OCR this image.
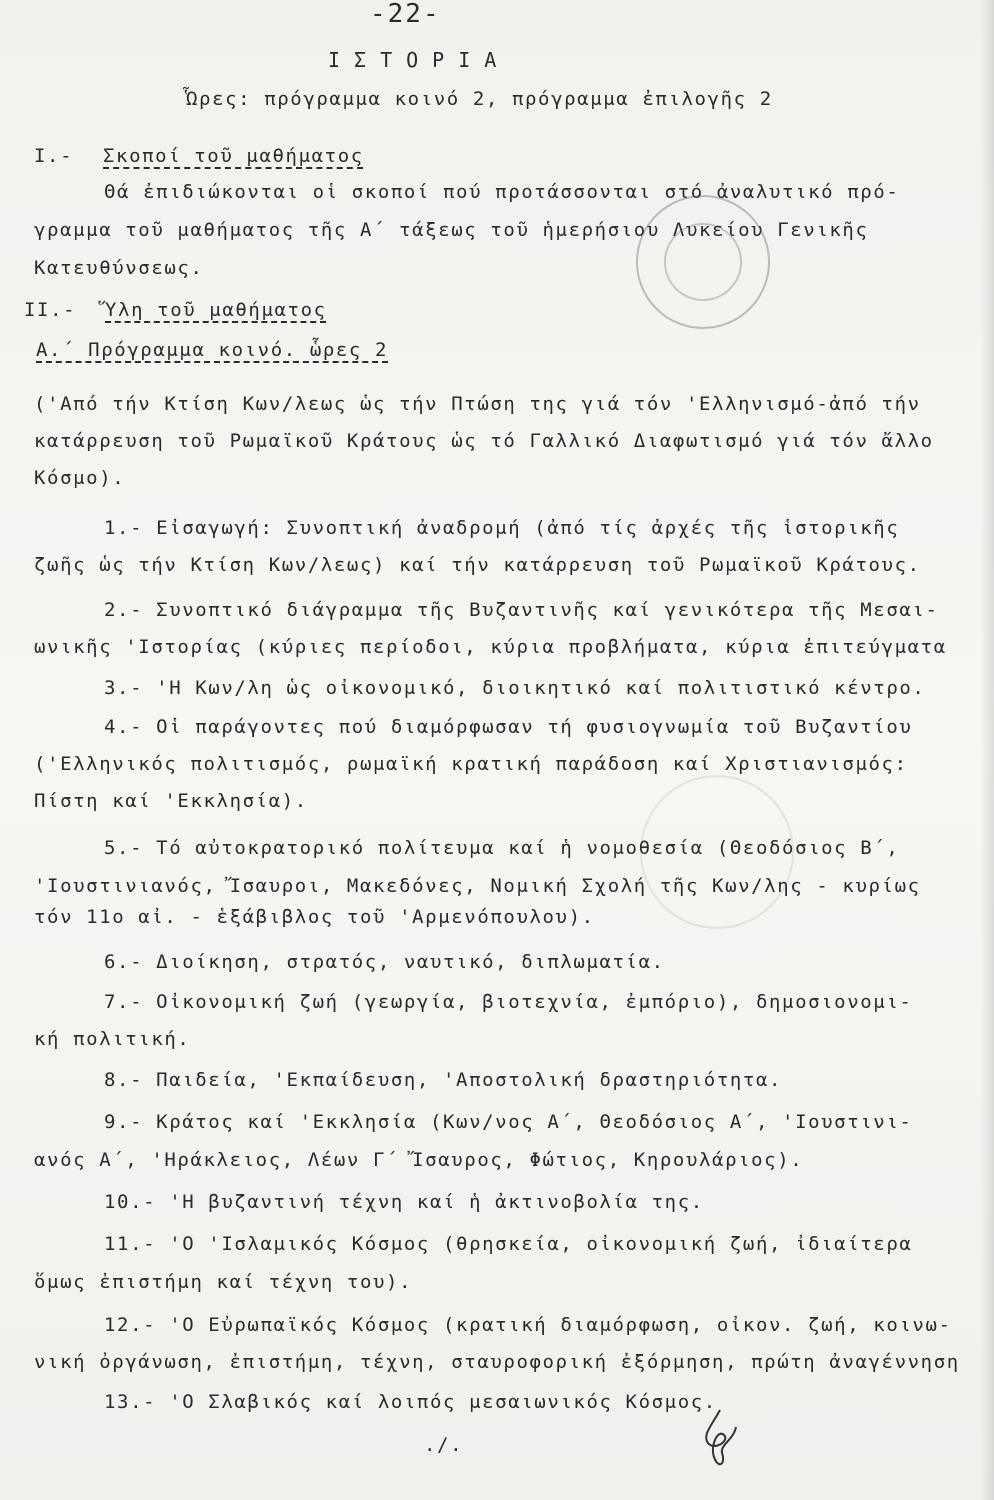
-22-
ΙΣΤΟΡΙΑ
Ὧρες: πρόγραμμα κοινό 2, πρόγραμμα ἐπιλογῆς 2
I.- Σκοποί τοῦ μαθήματος
Θά ἐπιδιώκονται οἱ σκοποί πού προτάσσονται στό ἀναλυτικό πρό-
γραμμα τοῦ μαθήματος τῆς Α΄ τάξεως τοῦ ἡμερήσιου Λυκείου Γενικῆς
Κατευθύνσεως.
II.- Ὕλη τοῦ μαθήματος
Α.΄ Πρόγραμμα κοινό. ὧρες 2
('Από τήν Κτίση Κων/λεως ὡς τήν Πτώση της γιά τόν 'Ελληνισμό-ἀπό τήν
κατάρρευση τοῦ Ρωμαϊκοῦ Κράτους ὡς τό Γαλλικό Διαφωτισμό γιά τόν ἄλλο
Κόσμο).
1.- Εἰσαγωγή: Συνοπτική ἀναδρομή (ἀπό τίς ἀρχές τῆς ἱστορικῆς
ζωῆς ὡς τήν Κτίση Κων/λεως) καί τήν κατάρρευση τοῦ Ρωμαϊκοῦ Κράτους.
2.- Συνοπτικό διάγραμμα τῆς Βυζαντινῆς καί γενικότερα τῆς Μεσαι-
ωνικῆς 'Ιστορίας (κύριες περίοδοι, κύρια προβλήματα, κύρια ἐπιτεύγματα
3.- 'Η Κων/λη ὡς οἰκονομικό, διοικητικό καί πολιτιστικό κέντρο.
4.- Οἱ παράγοντες πού διαμόρφωσαν τή φυσιογνωμία τοῦ Βυζαντίου
('Ελληνικός πολιτισμός, ρωμαϊκή κρατική παράδοση καί Χριστιανισμός:
Πίστη καί 'Εκκλησία).
5.- Τό αὐτοκρατορικό πολίτευμα καί ἡ νομοθεσία (Θεοδόσιος Β΄,
'Ιουστινιανός, Ἴσαυροι, Μακεδόνες, Νομική Σχολή τῆς Κων/λης - κυρίως
τόν 11ο αἰ. - ἑξάβιβλος τοῦ 'Αρμενόπουλου).
6.- Διοίκηση, στρατός, ναυτικό, διπλωματία.
7.- Οἰκονομική ζωή (γεωργία, βιοτεχνία, ἐμπόριο), δημοσιονομι-
κή πολιτική.
8.- Παιδεία, 'Εκπαίδευση, 'Αποστολική δραστηριότητα.
9.- Κράτος καί 'Εκκλησία (Κων/νος Α΄, Θεοδόσιος Α΄, 'Ιουστινι-
ανός Α΄, 'Ηράκλειος, Λέων Γ΄ Ἴσαυρος, Φώτιος, Κηρουλάριος).
10.- 'Η βυζαντινή τέχνη καί ἡ ἀκτινοβολία της.
11.- 'Ο 'Ισλαμικός Κόσμος (θρησκεία, οἰκονομική ζωή, ἰδιαίτερα
ὅμως ἐπιστήμη καί τέχνη του).
12.- 'Ο Εὐρωπαϊκός Κόσμος (κρατική διαμόρφωση, οἰκον. ζωή, κοινω-
νική ὀργάνωση, ἐπιστήμη, τέχνη, σταυροφορική ἐξόρμηση, πρώτη ἀναγέννηση
13.- 'Ο Σλαβικός καί λοιπός μεσαιωνικός Κόσμος.
./.
